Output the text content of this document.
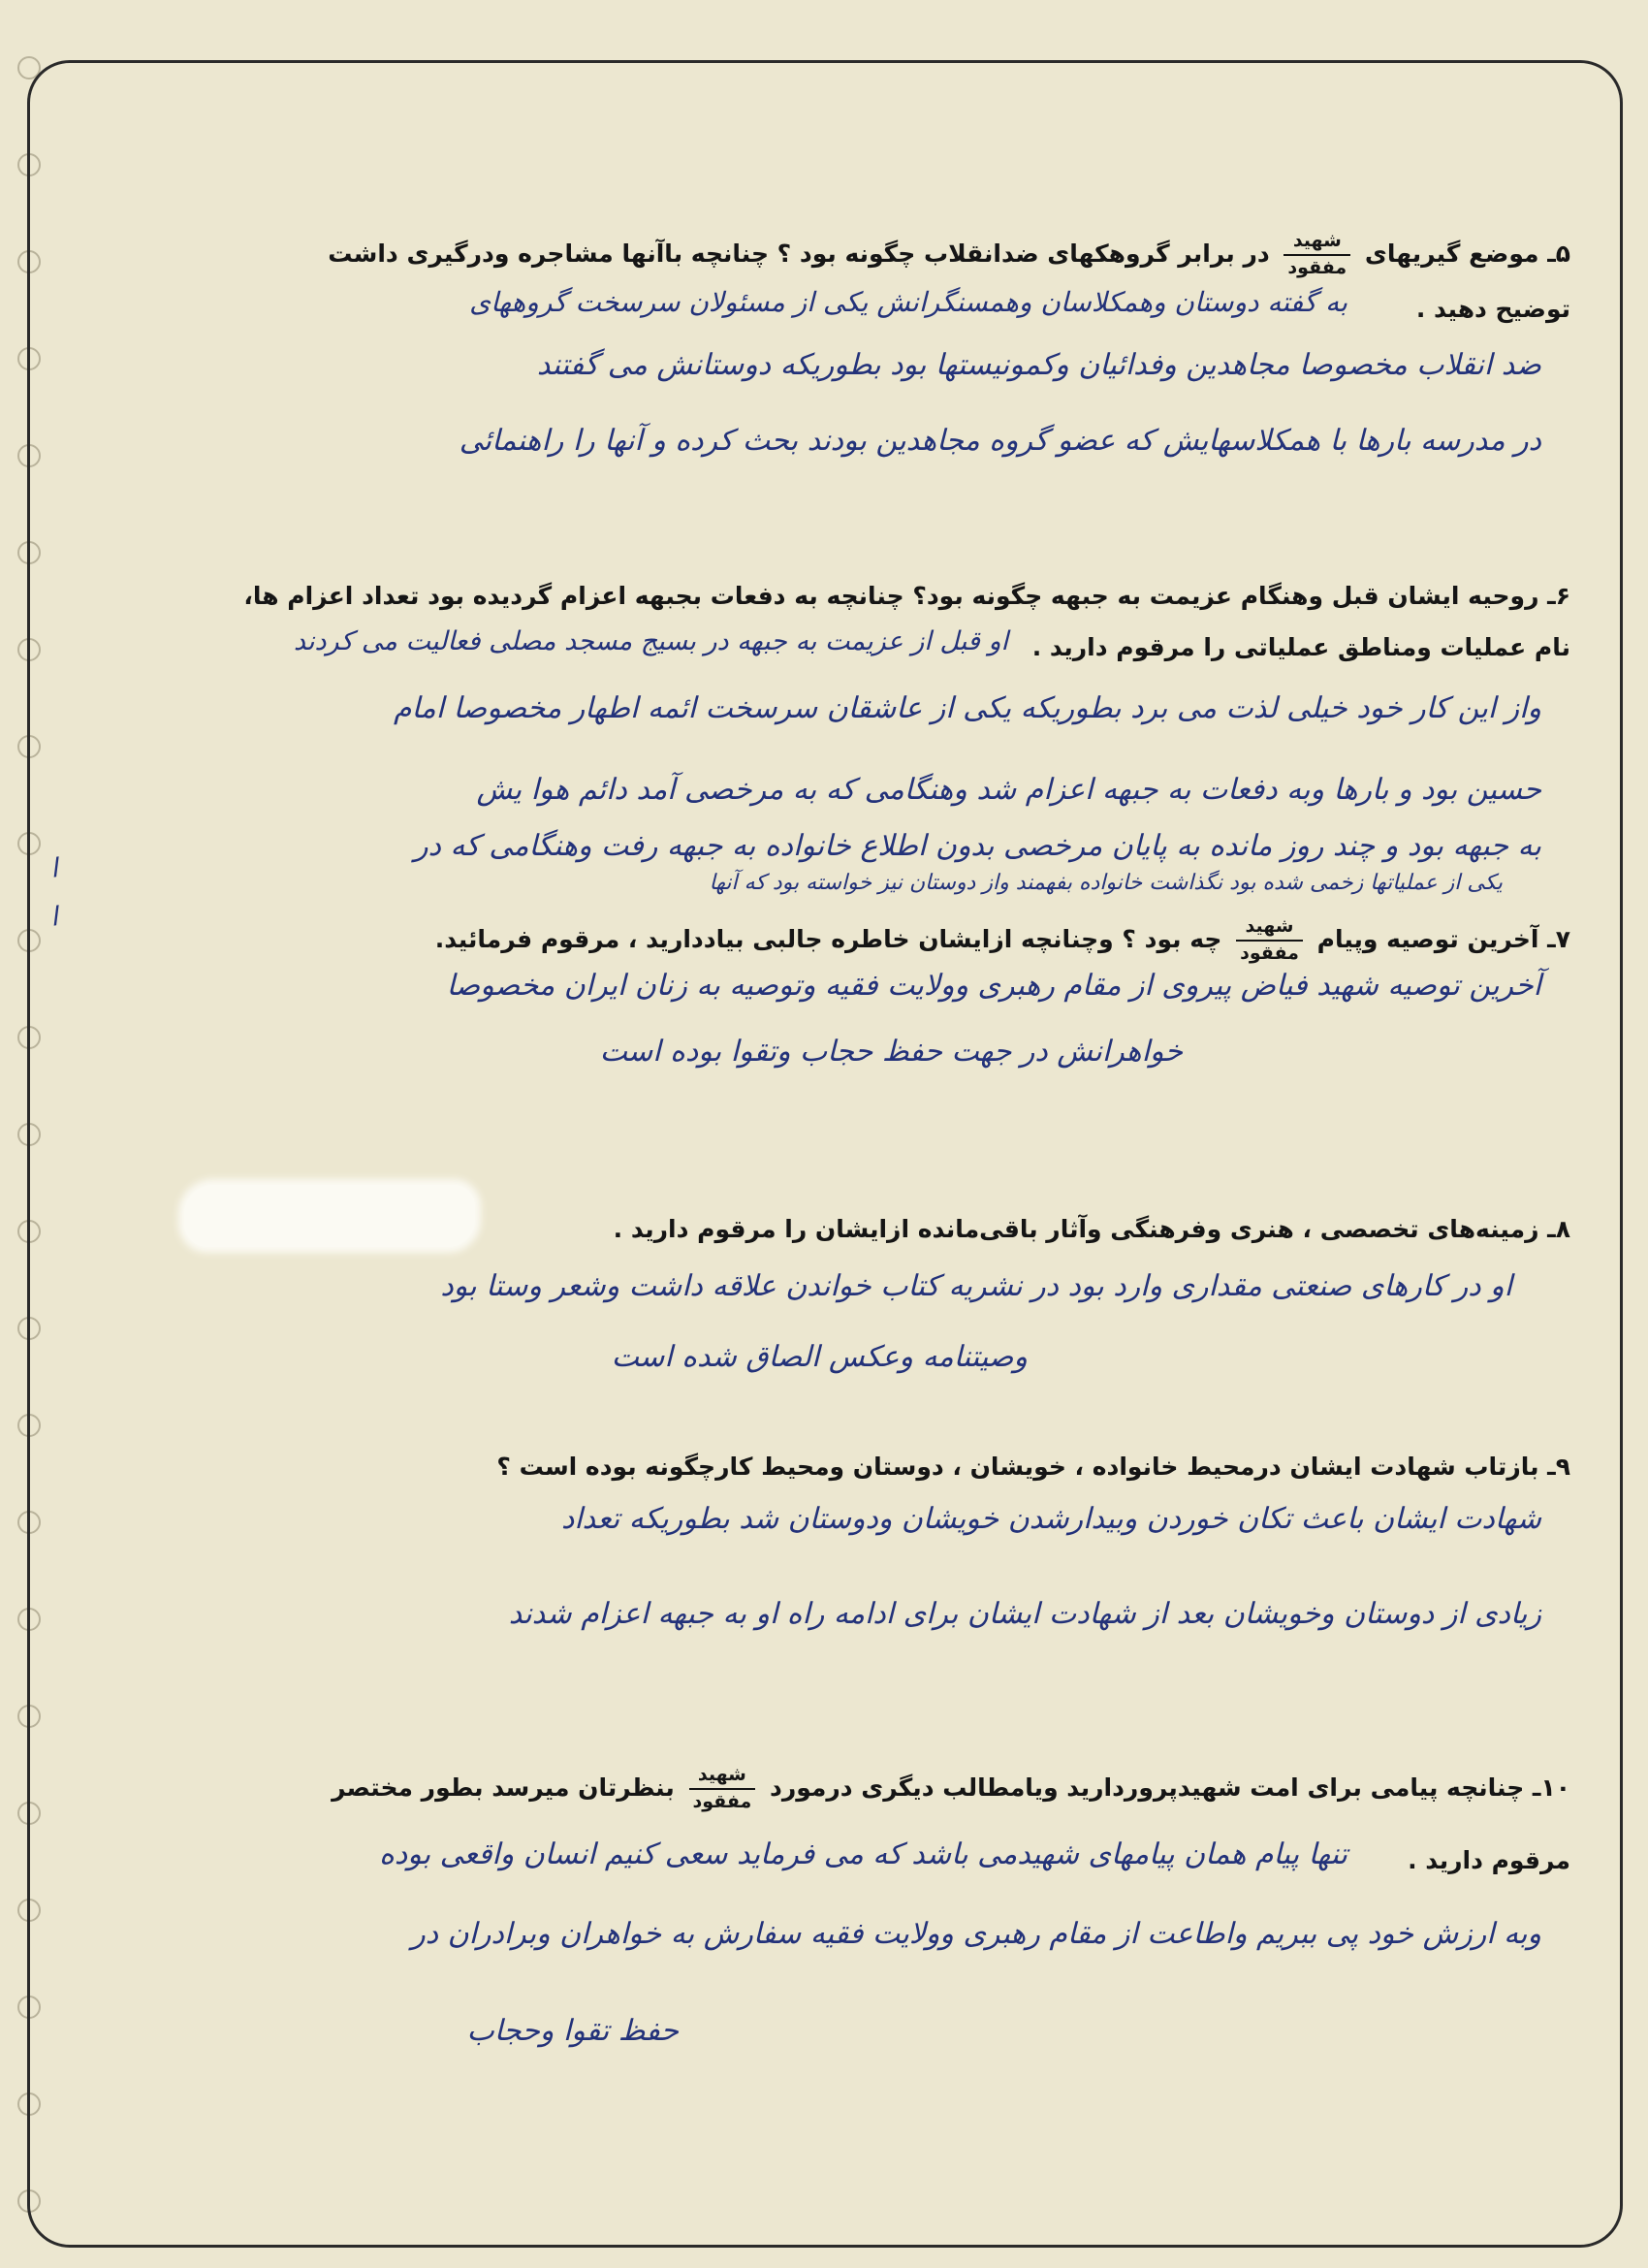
۵ـ موضع گیریهای
$\frac{\text{شهید}}{\text{مفقود}}$
در برابر گروهکهای ضدانقلاب چگونه بود ؟ چنانچه باآنها مشاجره ودرگیری داشت
توضیح دهید .
به گفته دوستان وهمکلاسان وهمسنگرانش یکی از مسئولان سرسخت گروههای
ضد انقلاب مخصوصا مجاهدین وفدائیان وکمونیستها بود بطوریکه دوستانش می گفتند
در مدرسه بارها با همکلاسهایش که عضو گروه مجاهدین بودند بحث کرده و آنها را راهنمائی
۶ـ روحیه ایشان قبل وهنگام عزیمت به جبهه چگونه بود؟ چنانچه به دفعات بجبهه اعزام گردیده بود تعداد اعزام ها،
نام عملیات ومناطق عملیاتی را مرقوم دارید .
او قبل از عزیمت به جبهه در بسیج مسجد مصلی فعالیت می کردند
واز این کار خود خیلی لذت می برد بطوریکه یکی از عاشقان سرسخت ائمه اطهار مخصوصا امام
حسین بود و بارها وبه دفعات به جبهه اعزام شد وهنگامی که به مرخصی آمد دائم هوا یش
به جبهه بود و چند روز مانده به پایان مرخصی بدون اطلاع خانواده به جبهه رفت وهنگامی که در
یکی از عملیاتها زخمی شده بود نگذاشت خانواده بفهمند واز دوستان نیز خواسته بود که آنها
۷ـ آخرین توصیه وپیام
$\frac{\text{شهید}}{\text{مفقود}}$
چه بود ؟ وچنانچه ازایشان خاطره جالبی بیاددارید ، مرقوم فرمائید.
آخرین توصیه شهید فیاض پیروی از مقام رهبری وولایت فقیه وتوصیه به زنان ایران مخصوصا
خواهرانش در جهت حفظ حجاب وتقوا بوده است
۸ـ زمینه‌های تخصصی ، هنری وفرهنگی وآثار باقی‌مانده ازایشان را مرقوم دارید .
او در کارهای صنعتی مقداری وارد بود در نشریه کتاب خواندن علاقه داشت وشعر وستا بود
وصیتنامه وعکس الصاق شده است
۹ـ بازتاب شهادت ایشان درمحیط خانواده ، خویشان ، دوستان ومحیط کارچگونه بوده است ؟
شهادت ایشان باعث تکان خوردن وبیدارشدن خویشان ودوستان شد بطوریکه تعداد
زیادی از دوستان وخویشان بعد از شهادت ایشان برای ادامه راه او به جبهه اعزام شدند
۱۰ـ چنانچه پیامی برای امت شهیدپرورداريد ویامطالب دیگری درمورد
$\frac{\text{شهید}}{\text{مفقود}}$
بنظرتان میرسد بطور مختصر
مرقوم دارید .
تنها پیام همان پیامهای شهیدمی باشد که می فرماید سعی کنیم انسان واقعی بوده
وبه ارزش خود پی ببریم واطاعت از مقام رهبری وولایت فقیه سفارش به خواهران وبرادران در
حفظ تقوا وحجاب
ا
ا
